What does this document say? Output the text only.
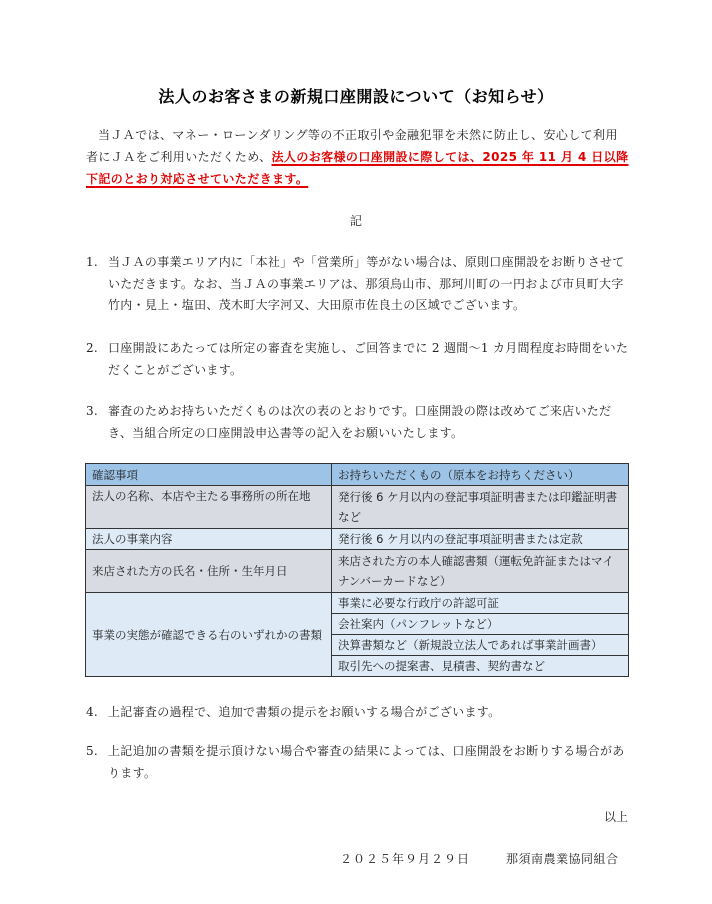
法人のお客さまの新規口座開設について（お知らせ）
当ＪＡでは、マネー・ローンダリング等の不正取引や金融犯罪を未然に防止し、安心して利用者にＪＡをご利用いただくため、法人のお客様の口座開設に際しては、2025 年 11 月 4 日以降下記のとおり対応させていただきます。
記
1. 当ＪＡの事業エリア内に「本社」や「営業所」等がない場合は、原則口座開設をお断りさせていただきます。なお、当ＪＡの事業エリアは、那須烏山市、那珂川町の一円および市貝町大字竹内・見上・塩田、茂木町大字河又、大田原市佐良土の区域でございます。
2. 口座開設にあたっては所定の審査を実施し、ご回答までに 2 週間～1 カ月間程度お時間をいただくことがございます。
3. 審査のためお持ちいただくものは次の表のとおりです。口座開設の際は改めてご来店いただき、当組合所定の口座開設申込書等の記入をお願いいたします。
確認事項	お持ちいただくもの（原本をお持ちください）
法人の名称、本店や主たる事務所の所在地	発行後 6 ケ月以内の登記事項証明書または印鑑証明書など
法人の事業内容	発行後 6 ケ月以内の登記事項証明書または定款
来店された方の氏名・住所・生年月日	来店された方の本人確認書類（運転免許証またはマイナンバーカードなど）
事業の実態が確認できる右のいずれかの書類	事業に必要な行政庁の許認可証
	会社案内（パンフレットなど）
	決算書類など（新規設立法人であれば事業計画書）
	取引先への提案書、見積書、契約書など
4. 上記審査の過程で、追加で書類の提示をお願いする場合がございます。
5. 上記追加の書類を提示頂けない場合や審査の結果によっては、口座開設をお断りする場合があります。
以上
２０２５年９月２９日	那須南農業協同組合
